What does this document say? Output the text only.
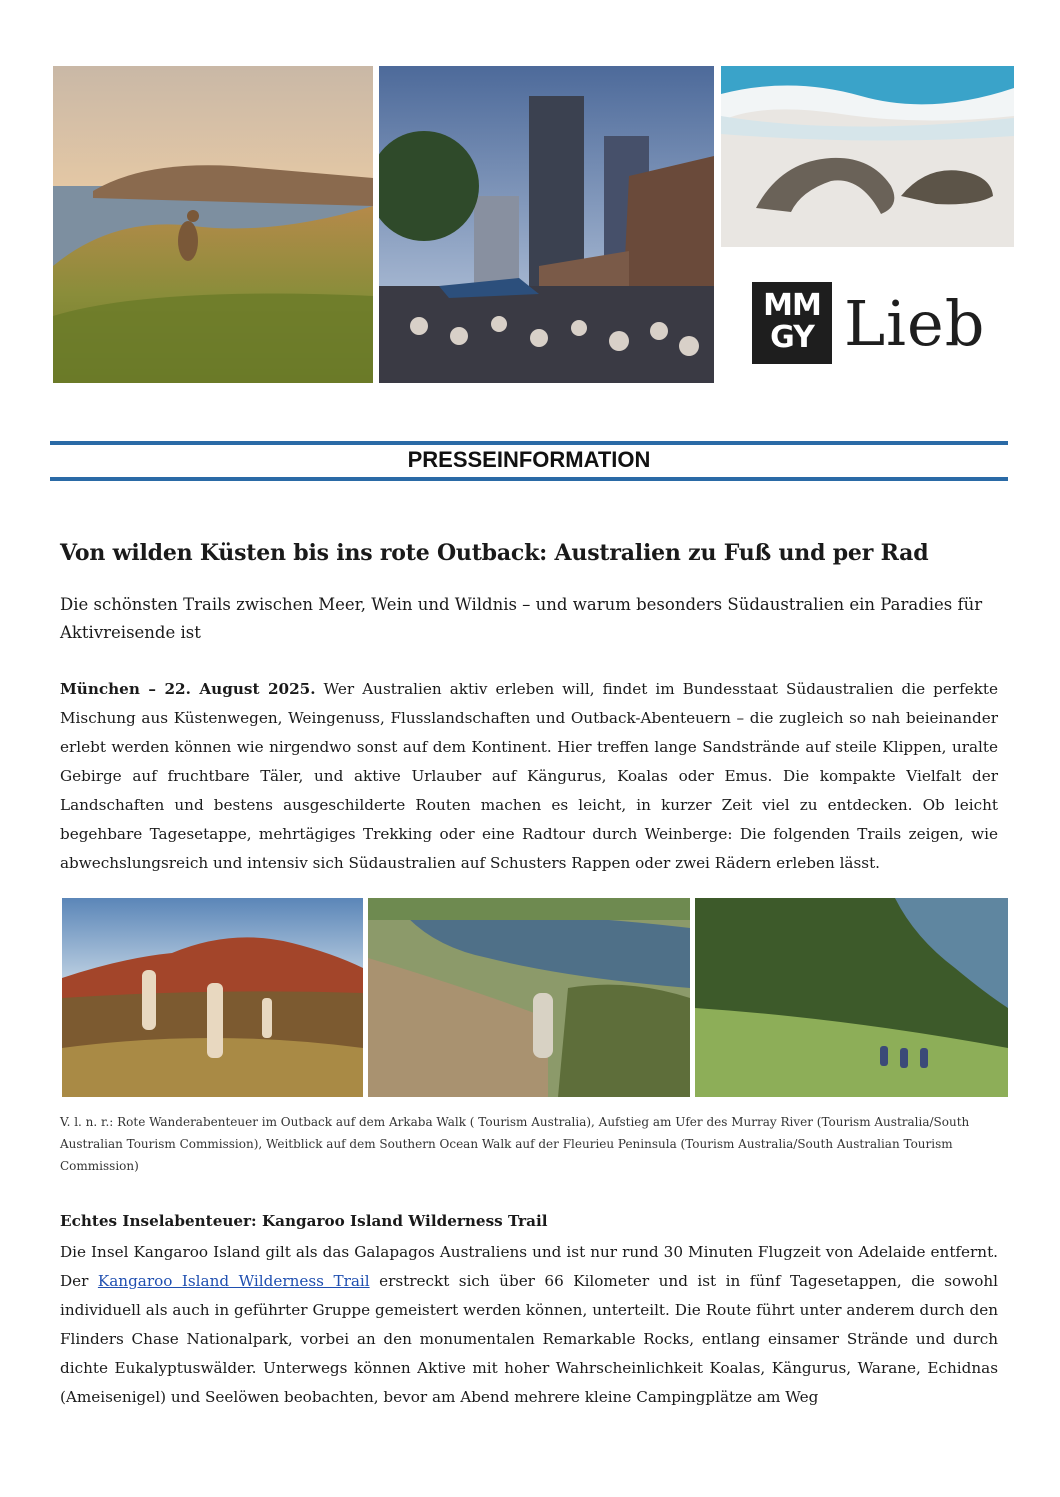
MM
GY Lieb
PRESSEINFORMATION
Von wilden Küsten bis ins rote Outback: Australien zu Fuß und per Rad
Die schönsten Trails zwischen Meer, Wein und Wildnis – und warum besonders Südaustralien ein Paradies für Aktivreisende ist
München – 22. August 2025. Wer Australien aktiv erleben will, findet im Bundesstaat Südaustralien die perfekte Mischung aus Küstenwegen, Weingenuss, Flusslandschaften und Outback-Abenteuern – die zugleich so nah beieinander erlebt werden können wie nirgendwo sonst auf dem Kontinent. Hier treffen lange Sandstrände auf steile Klippen, uralte Gebirge auf fruchtbare Täler, und aktive Urlauber auf Kängurus, Koalas oder Emus. Die kompakte Vielfalt der Landschaften und bestens ausgeschilderte Routen machen es leicht, in kurzer Zeit viel zu entdecken. Ob leicht begehbare Tagesetappe, mehrtägiges Trekking oder eine Radtour durch Weinberge: Die folgenden Trails zeigen, wie abwechslungsreich und intensiv sich Südaustralien auf Schusters Rappen oder zwei Rädern erleben lässt.
V. l. n. r.: Rote Wanderabenteuer im Outback auf dem Arkaba Walk ( Tourism Australia), Aufstieg am Ufer des Murray River (Tourism Australia/South Australian Tourism Commission), Weitblick auf dem Southern Ocean Walk auf der Fleurieu Peninsula (Tourism Australia/South Australian Tourism Commission)
Echtes Inselabenteuer: Kangaroo Island Wilderness Trail
Die Insel Kangaroo Island gilt als das Galapagos Australiens und ist nur rund 30 Minuten Flugzeit von Adelaide entfernt. Der Kangaroo Island Wilderness Trail erstreckt sich über 66 Kilometer und ist in fünf Tagesetappen, die sowohl individuell als auch in geführter Gruppe gemeistert werden können, unterteilt. Die Route führt unter anderem durch den Flinders Chase Nationalpark, vorbei an den monumentalen Remarkable Rocks, entlang einsamer Strände und durch dichte Eukalyptuswälder. Unterwegs können Aktive mit hoher Wahrscheinlichkeit Koalas, Kängurus, Warane, Echidnas (Ameisenigel) und Seelöwen beobachten, bevor am Abend mehrere kleine Campingplätze am Weg
